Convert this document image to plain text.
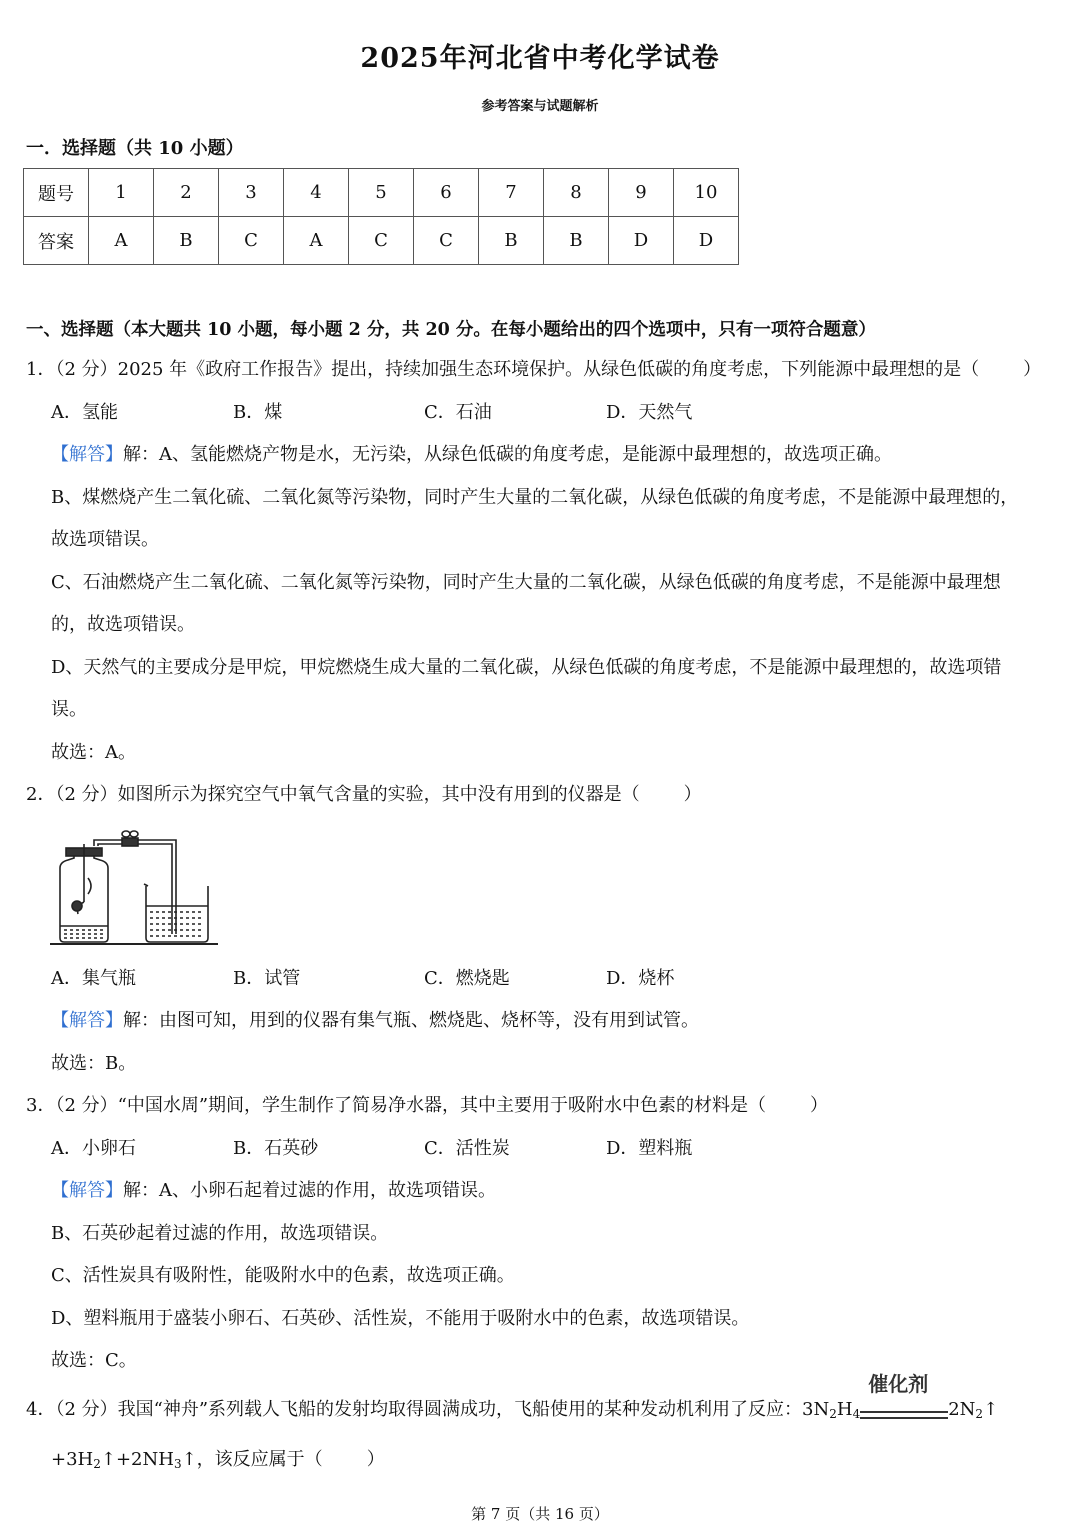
2025年河北省中考化学试卷
参考答案与试题解析
一．选择题（共 10 小题）
题号	1	2	3	4	5	6	7	8	9	10
答案	A	B	C	A	C	C	B	B	D	D
一、选择题（本大题共 10 小题，每小题 2 分，共 20 分。在每小题给出的四个选项中，只有一项符合题意）
1．（2 分）2025 年《政府工作报告》提出，持续加强生态环境保护。从绿色低碳的角度考虑，下列能源中最理想的是（ ）
A．氢能	B．煤	C．石油	D．天然气
【解答】解：A、氢能燃烧产物是水，无污染，从绿色低碳的角度考虑，是能源中最理想的，故选项正确。
B、煤燃烧产生二氧化硫、二氧化氮等污染物，同时产生大量的二氧化碳，从绿色低碳的角度考虑，不是能源中最理想的，
故选项错误。
C、石油燃烧产生二氧化硫、二氧化氮等污染物，同时产生大量的二氧化碳，从绿色低碳的角度考虑，不是能源中最理想
的，故选项错误。
D、天然气的主要成分是甲烷，甲烷燃烧生成大量的二氧化碳，从绿色低碳的角度考虑，不是能源中最理想的，故选项错
误。
故选：A。
2．（2 分）如图所示为探究空气中氧气含量的实验，其中没有用到的仪器是（ ）
A．集气瓶	B．试管	C．燃烧匙	D．烧杯
【解答】解：由图可知，用到的仪器有集气瓶、燃烧匙、烧杯等，没有用到试管。
故选：B。
3．（2 分）“中国水周”期间，学生制作了简易净水器，其中主要用于吸附水中色素的材料是（ ）
A．小卵石	B．石英砂	C．活性炭	D．塑料瓶
【解答】解：A、小卵石起着过滤的作用，故选项错误。
B、石英砂起着过滤的作用，故选项错误。
C、活性炭具有吸附性，能吸附水中的色素，故选项正确。
D、塑料瓶用于盛装小卵石、石英砂、活性炭，不能用于吸附水中的色素，故选项错误。
故选：C。
4．（2 分）我国“神舟”系列载人飞船的发射均取得圆满成功，飞船使用的某种发动机利用了反应：$3N_2H_4$
催化剂
$2N_2↑$
$+3H_2↑+2NH_3↑$，该反应属于（ ）
第 7 页（共 16 页）
